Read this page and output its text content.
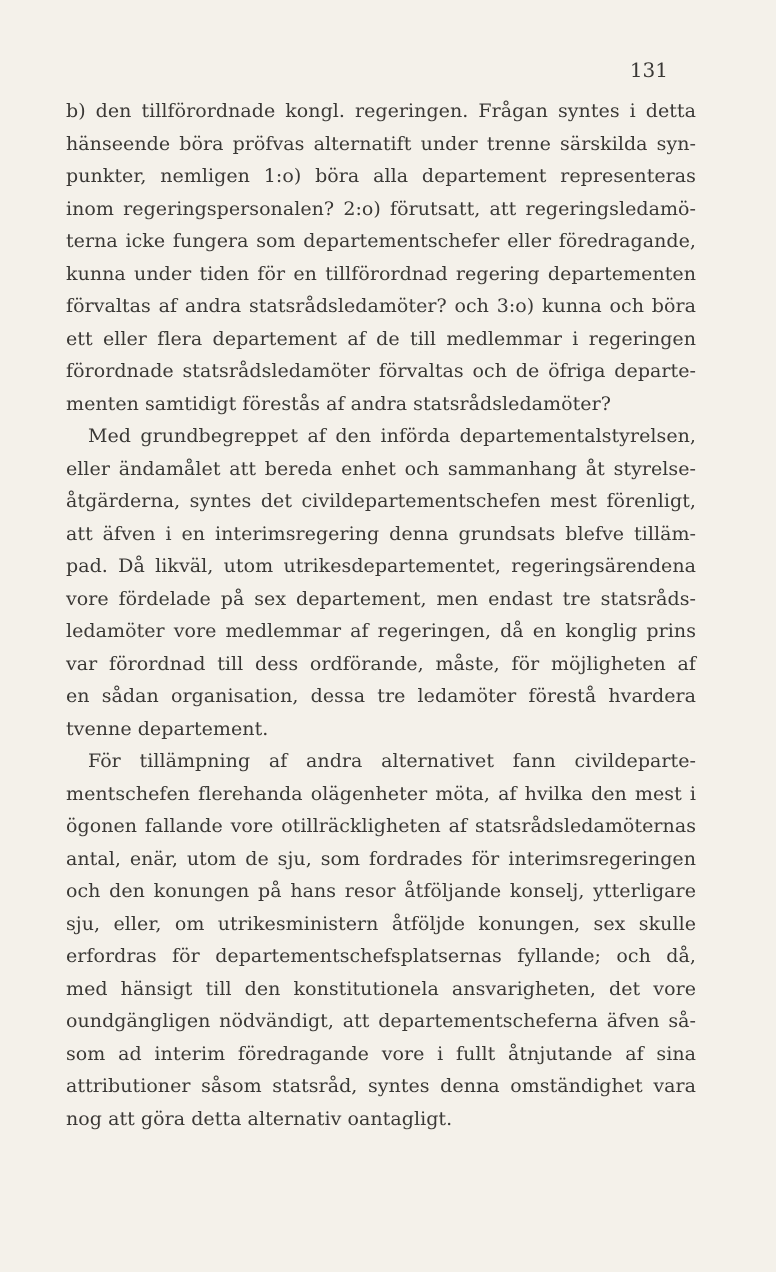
131
b) den tillförordnade kongl. regeringen. Frågan syntes i detta
hänseende böra pröfvas alternatift under trenne särskilda syn-
punkter, nemligen 1:o) böra alla departement representeras
inom regeringspersonalen? 2:o) förutsatt, att regeringsledamö-
terna icke fungera som departementschefer eller föredragande,
kunna under tiden för en tillförordnad regering departementen
förvaltas af andra statsrådsledamöter? och 3:o) kunna och böra
ett eller flera departement af de till medlemmar i regeringen
förordnade statsrådsledamöter förvaltas och de öfriga departe-
menten samtidigt förestås af andra statsrådsledamöter?
Med grundbegreppet af den införda departementalstyrelsen,
eller ändamålet att bereda enhet och sammanhang åt styrelse-
åtgärderna, syntes det civildepartementschefen mest förenligt,
att äfven i en interimsregering denna grundsats blefve tilläm-
pad. Då likväl, utom utrikesdepartementet, regeringsärendena
vore fördelade på sex departement, men endast tre statsråds-
ledamöter vore medlemmar af regeringen, då en konglig prins
var förordnad till dess ordförande, måste, för möjligheten af
en sådan organisation, dessa tre ledamöter förestå hvardera
tvenne departement.
För tillämpning af andra alternativet fann civildeparte-
mentschefen flerehanda olägenheter möta, af hvilka den mest i
ögonen fallande vore otillräckligheten af statsrådsledamöternas
antal, enär, utom de sju, som fordrades för interimsregeringen
och den konungen på hans resor åtföljande konselj, ytterligare
sju, eller, om utrikesministern åtföljde konungen, sex skulle
erfordras för departementschefsplatsernas fyllande; och då,
med hänsigt till den konstitutionela ansvarigheten, det vore
oundgängligen nödvändigt, att departementscheferna äfven så-
som ad interim föredragande vore i fullt åtnjutande af sina
attributioner såsom statsråd, syntes denna omständighet vara
nog att göra detta alternativ oantagligt.
